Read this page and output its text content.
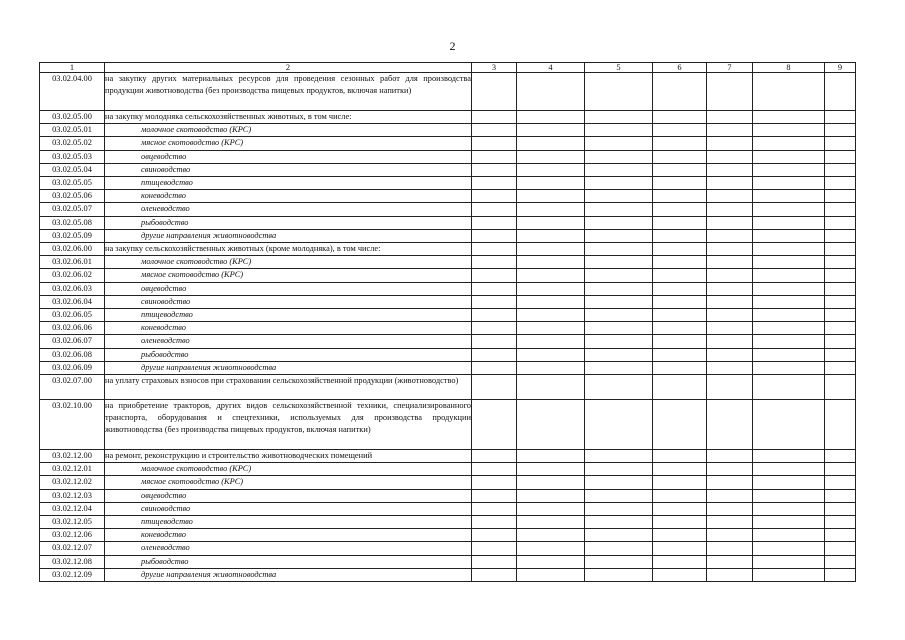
2
1	2	3	4	5	6	7	8	9
03.02.04.00	на закупку других материальных ресурсов для проведения сезонных работ для производства продукции животноводства (без производства пищевых продуктов, включая напитки)							
03.02.05.00	на закупку молодняка сельскохозяйственных животных, в том числе:							
03.02.05.01	молочное скотоводство (КРС)							
03.02.05.02	мясное скотоводство (КРС)							
03.02.05.03	овцеводство							
03.02.05.04	свиноводство							
03.02.05.05	птицеводство							
03.02.05.06	коневодство							
03.02.05.07	оленеводство							
03.02.05.08	рыбоводство							
03.02.05.09	другие направления животноводства							
03.02.06.00	на закупку сельскохозяйственных животных (кроме молодняка), в том числе:							
03.02.06.01	молочное скотоводство (КРС)							
03.02.06.02	мясное скотоводство (КРС)							
03.02.06.03	овцеводство							
03.02.06.04	свиноводство							
03.02.06.05	птицеводство							
03.02.06.06	коневодство							
03.02.06.07	оленеводство							
03.02.06.08	рыбоводство							
03.02.06.09	другие направления животноводства							
03.02.07.00	на уплату страховых взносов при страховании сельскохозяйственной продукции (животноводство)							
03.02.10.00	на приобретение тракторов, других видов сельскохозяйственной техники, специализированного транспорта, оборудования и спецтехники, используемых для производства продукции животноводства (без производства пищевых продуктов, включая напитки)							
03.02.12.00	на ремонт, реконструкцию и строительство животноводческих помещений							
03.02.12.01	молочное скотоводство (КРС)							
03.02.12.02	мясное скотоводство (КРС)							
03.02.12.03	овцеводство							
03.02.12.04	свиноводство							
03.02.12.05	птицеводство							
03.02.12.06	коневодство							
03.02.12.07	оленеводство							
03.02.12.08	рыбоводство							
03.02.12.09	другие направления животноводства							
